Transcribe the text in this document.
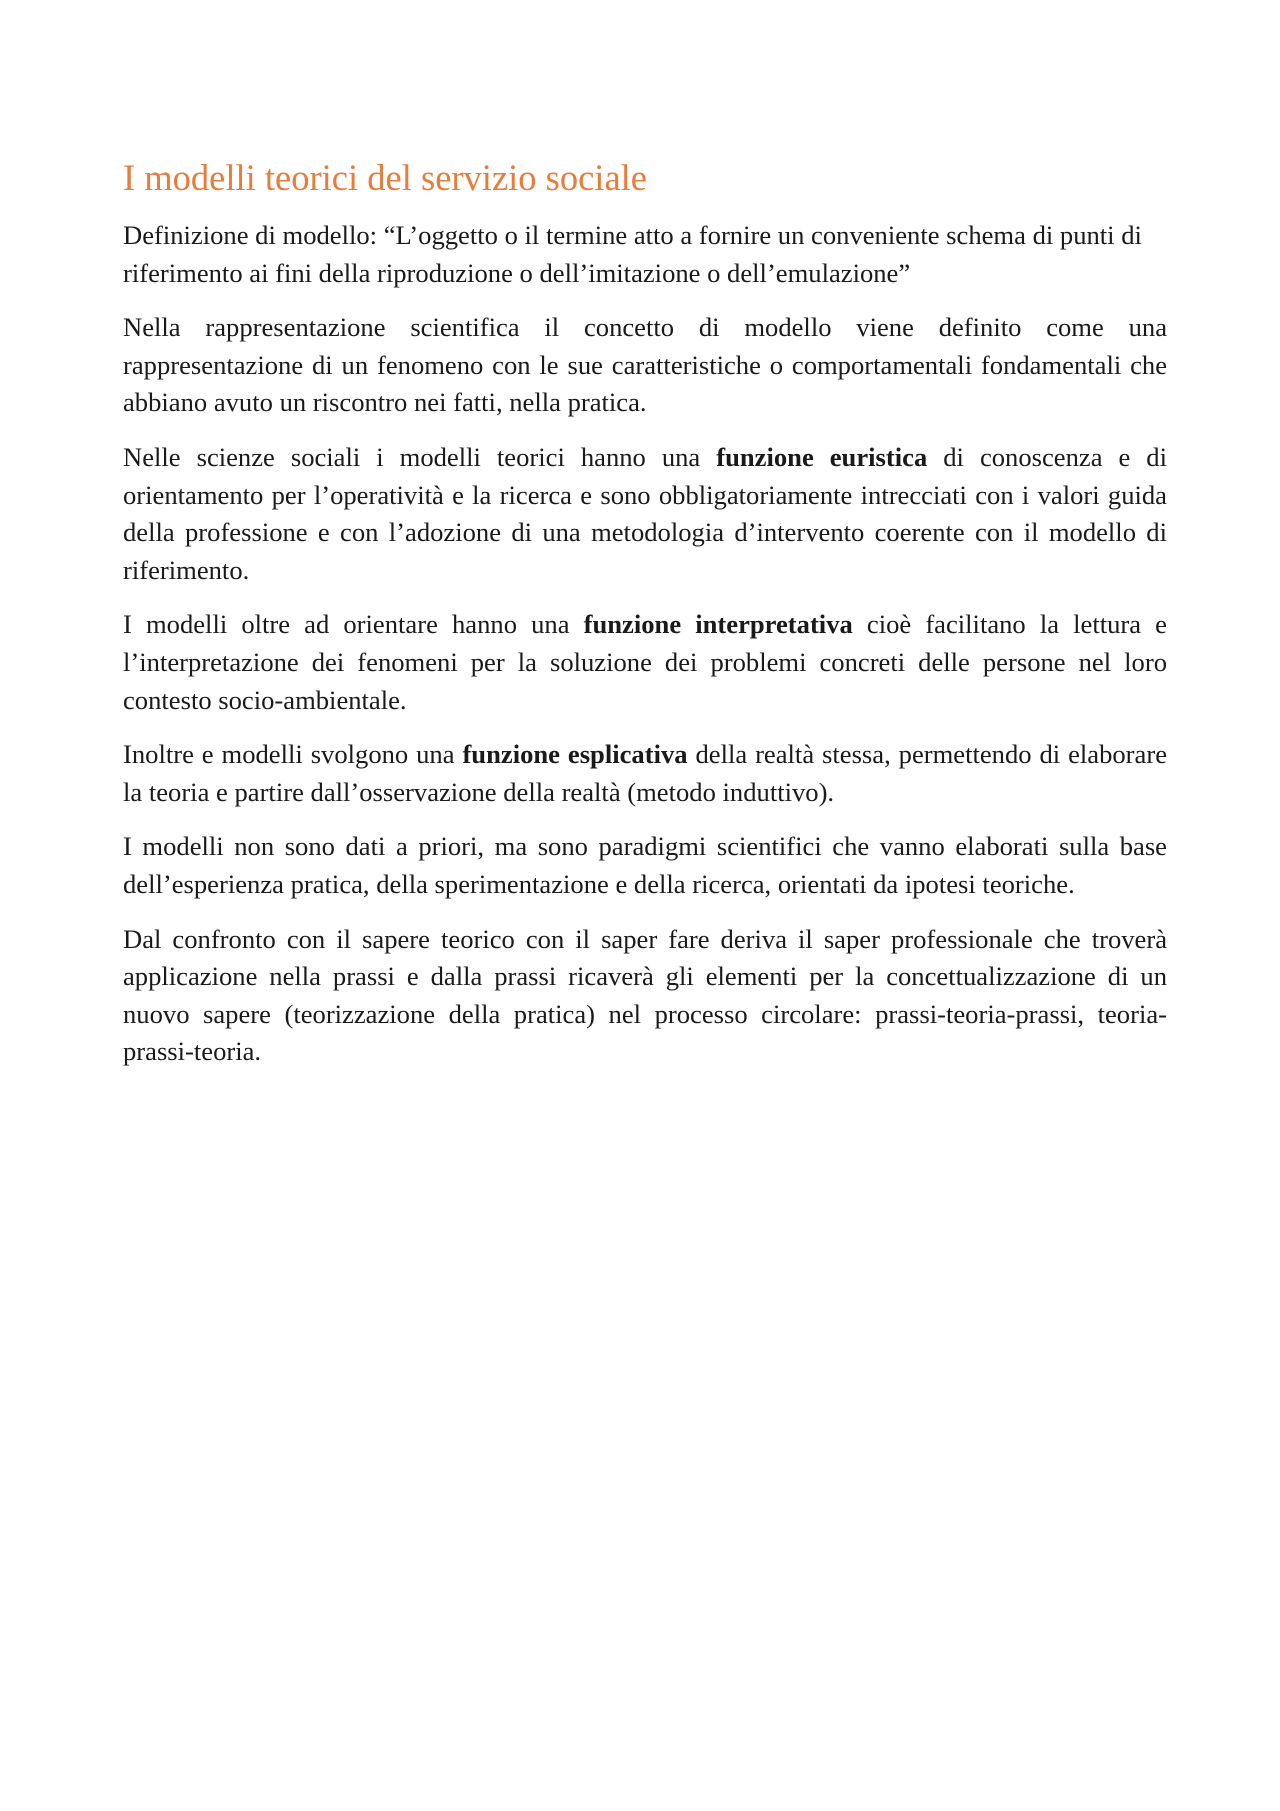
I modelli teorici del servizio sociale

Definizione di modello: “L’oggetto o il termine atto a fornire un conveniente schema di punti di riferimento ai fini della riproduzione o dell’imitazione o dell’emulazione”

Nella rappresentazione scientifica il concetto di modello viene definito come una rappresentazione di un fenomeno con le sue caratteristiche o comportamentali fondamentali che abbiano avuto un riscontro nei fatti, nella pratica.

Nelle scienze sociali i modelli teorici hanno una funzione euristica di conoscenza e di orientamento per l’operatività e la ricerca e sono obbligatoriamente intrecciati con i valori guida della professione e con l’adozione di una metodologia d’intervento coerente con il modello di riferimento.

I modelli oltre ad orientare hanno una funzione interpretativa cioè facilitano la lettura e l’interpretazione dei fenomeni per la soluzione dei problemi concreti delle persone nel loro contesto socio-ambientale.

Inoltre e modelli svolgono una funzione esplicativa della realtà stessa, permettendo di elaborare la teoria e partire dall’osservazione della realtà (metodo induttivo).

I modelli non sono dati a priori, ma sono paradigmi scientifici che vanno elaborati sulla base dell’esperienza pratica, della sperimentazione e della ricerca, orientati da ipotesi teoriche.

Dal confronto con il sapere teorico con il saper fare deriva il saper professionale che troverà applicazione nella prassi e dalla prassi ricaverà gli elementi per la concettualizzazione di un nuovo sapere (teorizzazione della pratica) nel processo circolare: prassi-teoria-prassi, teoria-prassi-teoria.
